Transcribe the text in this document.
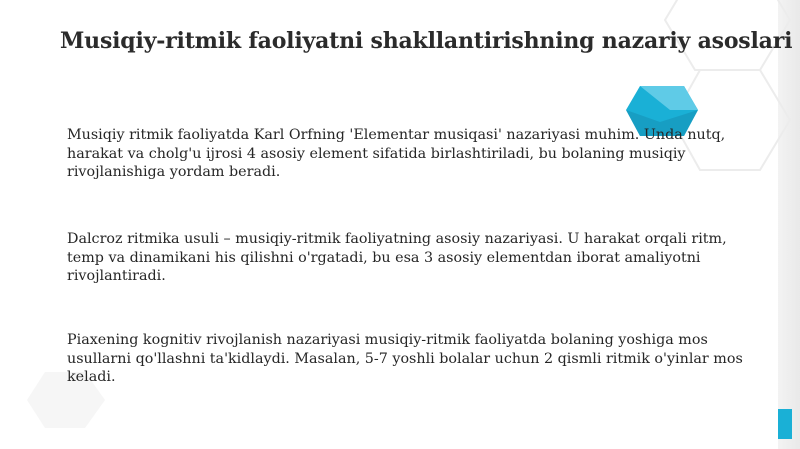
Musiqiy-ritmik faoliyatni shakllantirishning nazariy asoslari
Musiqiy ritmik faoliyatda Karl Orfning 'Elementar musiqasi' nazariyasi muhim. Unda nutq, harakat va cholg'u ijrosi 4 asosiy element sifatida birlashtiriladi, bu bolaning musiqiy rivojlanishiga yordam beradi.
Dalcroz ritmika usuli – musiqiy-ritmik faoliyatning asosiy nazariyasi. U harakat orqali ritm, temp va dinamikani his qilishni o'rgatadi, bu esa 3 asosiy elementdan iborat amaliyotni rivojlantiradi.
Piaxening kognitiv rivojlanish nazariyasi musiqiy-ritmik faoliyatda bolaning yoshiga mos usullarni qo'llashni ta'kidlaydi. Masalan, 5-7 yoshli bolalar uchun 2 qismli ritmik o'yinlar mos keladi.
